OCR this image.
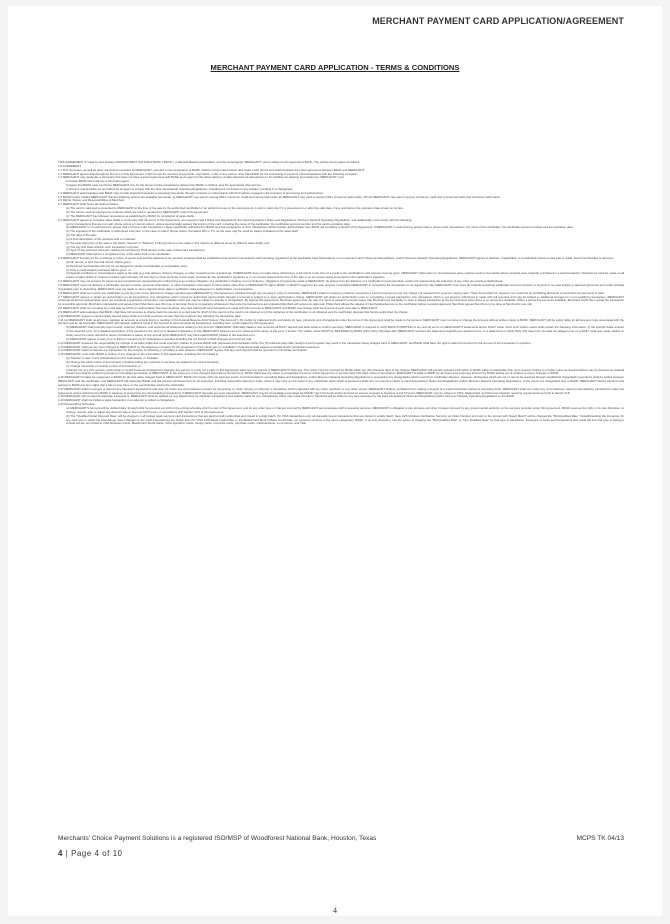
MERCHANT PAYMENT CARD APPLICATION/AGREEMENT
MERCHANT PAYMENT CARD APPLICATION - TERMS & CONDITIONS

THIS AGREEMENT is made by and between WOODFOREST NATIONAL BANK ("BANK"), a National Banking Association, and the undersigned "MERCHANT" and is subject to the approval of BANK. The parties hereto agree as follows:

1.0 AGREEMENT:

1.1 This document, as well as other documents executed by MERCHANT, pursuant to the acceptance of BANK, shall be incorporated herein and made a part hereof and shall constitute the entire agreement between BANK and MERCHANT.

1.2 MERCHANT agrees that throughout the term of this Agreement, it will not use the services of any bank, corporation, entity or any person other than BANK for the processing of payment card transactions with the following exception:

1.3 MERCHANT may designate a third party that does not have a direct agreement with BANK as its agent for the direct delivery of data captured via transactions to the facilities for clearing and settlement. MERCHANT must:

a) Advise BANK that it will use a third party agent.

b) Agree that BANK must reimburse MERCHANT only for the amount of the transactions delivered by BANK to its/their, less the appropriate discount fee.

c) Assume responsibility for any failure by its agent to comply with the Visa International Operating Regulations, including but not limited to any violation resulting in a chargeback.

1.4 MERCHANT acknowledges that BANK may provide financial transaction processing hereunder through contracts or subcontracts with third parties engaged in the business of processing and authorization.

1.5 BANK hereby notifies MERCHANT that the following options are available hereunder: (i) MERCHANT may elect to accept ONLY consumer credit and commercial cards; (ii) MERCHANT may elect to accept ONLY consumer debit cards; OR (iii) MERCHANT may elect to accept consumer credit and commercial cards and consumer debit cards.

2.0 Rights, Duties, and Responsibilities of Merchant:

2.1 MERCHANT shall honor all cards provided:

(a) The card is valid and is presented to MERCHANT at the time of the sale by the authorized cardholder or an authorized user of the card account. A card is valid only if it is presented on or after the valid date, if any, and before the expiration date shown on its face.

(b) The card is used as payment for products which are sold or rendered by MERCHANT under this Agreement.

(c) The MERCHANT has followed procedures as established by BANK for completion of sales drafts.

2.2 MERCHANT agrees to complete sales drafts in conformity with the terms of this Agreement, non payment card's Rules and Regulations, the Card Association's Rules and Regulations, Discover Network Operating Regulations, and additionally must comply with the following:

(a) For transactions that are not mail, phone orders or Internet orders, unless electronically swiped, the imprint of the card, including the name of the cardholder, the cardholder account number and the card's expiration date;

(b) MERCHANT is not authorized to accept mail or phone order transactions unless specifically authorized by BANK and that acceptance of such transactions without written authorization from BANK will constitute a breach of the Agreement. If MERCHANT is authorized to accept mail or phone order transactions, the name of the cardholder, the cardholder account number and the expiration date;

(c) The signature of the cardholder or authorized card user. In the case of mail or phone orders, the letters MO or TO, as the case may be, shall be clearly indicated on the sales draft;

(d) The date of the sale;

(e) A brief description of the products sold or rendered;

(f) The total cash price of the sale or the words "deposit" or "balance" if full payment is to be made in this manner at different times on different sales drafts; and

(g) The city and state wherein such transaction occurred;

(h) Type of fuel sold and odometer reading (if permitted by POS device) in the case of fleet card transactions;

(i) MERCHANT shall deliver a completed copy of the sales draft to the cardholder.

2.3 MERCHANT'S policy for the exchange or return of goods sold and the adjustment for services rendered shall be established and posted in accordance with operating regulations of the applicable Card Associations' or non payment card's Rules and Regulations, and/or Discover Network Operating Regulations. MERCHANT agrees to disclose, if applicable, to a cardholder before a card sale is made, that if merchandise is returned:

(a) No refund, or less than full refund, will be given;

(b) Returned merchandise will only be exchanged for similar merchandise of comparable value;

(c) Only a credit toward purchases will be given; or

(d) Special conditions or circumstances apply to the sale (e.g. late delivery, delivery charges, or other noncash terms of financing). If MERCHANT does not make these disclosures, a full refund in the form of a credit to the cardholder's card account must be given. MERCHANT shall under no circumstances issue cash for returns of products where products were originally purchased in a card transaction. Disclosures must be made on all copies of sales drafts or invoices in letters approximately 1/4 inch high in close proximity to the space provided for the cardholder's signature or on an invoice issued at the time of the sale or on an invoice being presented for the cardholder's signature.

2.4 MERCHANT may not process for payment any transaction(s) representing the refinancing of an existing obligation of a cardholder including, but not limited to, obligations (i) previously owed to MERCHANT, (ii) arising from the dishonor of a cardholder's personal check, and/or (iii) representing the collection of any other pre-existing indebtedness.

2.5 MERCHANT must not disclose a cardholder account number, personal information, or other transaction information to third parties other than to MERCHANT'S agent, BANK, or BANK'S agent for the sole purpose of assisting MERCHANT in completing the transaction or as required by law. MERCHANT must store all material containing cardholder account numbers or imprints in an area limited to selected personnel and render all data unreadable prior to discarding. MERCHANT must not retain or store magnetic stripe data or verification data subsequent to authorization of a transaction.

2.6 MERCHANT shall not require any cardholder to pay any part of any discount or charge imposed upon MERCHANT by this Agreement, whether through any increase in price or otherwise. MERCHANT shall not require a customer presenting a card for payment to pay any charge not required from a person paying cash. These items shall not, however, be construed as prohibiting discounts to customers for payments in cash.

2.7 MERCHANT agrees to obtain an authorization on all transactions. Any transaction which cannot be authorized electronically through a terminal is subject to a voice authorization charge. MERCHANT will obtain an authorization prior to completing a keyed transaction. Any transaction which is not properly authorized is made with full recourse and may be subject to additional charges for a non-qualifying transaction. MERCHANT understands that an authorization does not constitute a guarantee of payment, only available credit and may be subject to dispute or chargeback. By signing this Agreement, Merchant agrees that the use of a "store & forward" terminal means that Merchant has the ability to store a swiped transaction at the terminal level when there is no phone line available. When a phone line becomes available, Merchant would then upload the transaction for a possible approval. Merchant understands and agrees that if Merchant uses this type of terminal, there is no guaranty whatsoever that once the transactions are uploaded Merchant will receive an approval. If Merchant allows the release of merchandise/service to the cardholder before receiving approval, Merchant agrees that this is to be done at Merchant's sole risk.

2.8 MERCHANT shall not complete any card sale for which an authorization has been declined. Any card sale/credit card transaction is made with full recourse to MERCHANT, and BANK may charge back the amount of such card sale to MERCHANT.

2.9 MERCHANT acknowledges that BANK shall have full recourse to charge back the amount of a card sale for which (i) the imprint of the card is not obtained or (ii) the signature of the cardholder is not obtained and the cardholder disputes that he/she authorized the charge.

2.10 MERCHANT agrees to electronically deposit sales drafts and credit vouchers no later than the business day following the transaction date.

2.11 (a) MERCHANT shall, at all times, maintain an account at a bank that is a member of the Federal Reserve ACH System ("the Account"). All credits for collected funds and debits for fees, payments and chargebacks under the terms of this Agreement shall be made to the Account. MERCHANT may not close or change the Account without written notice to BANK. MERCHANT will be solely liable for all fees and costs associated with the Account and for all overdrafts. MERCHANT will maintain sufficient funds in the Account to accommodate all transactions, including fees, contemplated by this Agreement.

(b) MERCHANT shall promptly upon receipt, examine, balance, and reconcile all statements relating to the Account. MERCHANT shall daily balance and reconcile all DAILY deposit and debit totals to confirm accuracy. MERCHANT is required to notify BANK IN WRITING of any and all errors on MERCHANT'S statements and/or DAILY totals. Such such written notice shall contain the following information: (i) the specific dollar amount of the asserted error, (ii) a detailed description of the asserted error, and (iv) a detailed explanation of why MERCHANT believes an error exists and the cause of the error, if known. The written notice MUST be RECEIVED by BANK within thirty (30) days after MERCHANT receives the statement (regarding an asserted error on a statement) or within thirty (30) days from the date the alleged error on a DAILY total was made. Failure to timely send the notice referred to herein constitutes a waiver of any and all rights MERCHANT may have against BANK related to the asserted error.

(c) MERCHANT agrees to fees of up to $10 per occurrence for maintenance activities including but not limited to DDA changes and returned mail.

2.12 MERCHANT assumes the responsibility for storage of all sales drafts and credit vouchers. Failure to provide BANK with requested documentation within five (5) business days after receipt of such request may result in the transaction being charged back to MERCHANT, and BANK shall have the right to debit the Account for full amount of the transaction in question.

2.13 MERCHANT shall pay any fees charged to MERCHANT by the telephone company for the preparation of the site(s) prior to installation of electronic data capture terminals and/or peripheral equipment.

2.14 MERCHANT shall not deposit any transaction for the purpose of obtaining or providing a cash advance. MERCHANT agrees that any such deposit shall be grounds for immediate termination.

2.15 MERCHANT must notify BANK in writing of any changes to the information in this Application, including but not limited to:

(a) Transfer or sale of any substantial part of its total assets, or liquidate;

(b) Change the basic nature of its business, including selling any products or services not related to its current business;

(c) Change ownership or transfer control of its business; or

(d) Enter into any joint venture, partnership or similar business arrangement whereby any person or entity not a party to this Agreement assumes any interest in MERCHANT'S business. The notice must be received by BANK within ten (10) business days of the change. MERCHANT will provide updated information to BANK within a reasonable time upon request. Failure to provide notice as required above may be deemed as material breach and shall be sufficient grounds for immediate termination of MERCHANT. In the event any of the changes listed above should occur, BANK shall have the option to renegotiate the terms of this Agreement or provide thirty (30) days notice of termination. MERCHANT is liable to BANK for all losses and expenses incurred by BANK arising out of a failure to report changes to BANK.

2.16 MERCHANT is liable for repayment to BANK for all card sales charged back to MERCHANT. BANK will comply with non payment card's, Card Associations' prevailing Rules and Regulations, and/or Discover Network Operating Regulations in processing any chargebacks which result from cardholder disputes. However, all disputes which are not or cannot be resolved through established chargeback procedures shall be settled between MERCHANT and the cardholder, and MERCHANT will indemnify BANK and will provide reimbursement for all expenses, including reasonable attorney's costs, which it may incur as the result of any cardholder claim which is pursued outside the non payment card's or Card Associations' Rules and Regulations and/or Discover Network Operating Regulations. In the event of a chargeback loss to BANK, MERCHANT hereby transfers and assigns to BANK any item rights that it has or may have on the merchandise sold to the cardholder.

2.17 MERCHANT shall not accept or deposit any fraudulent transactions and may not under any circumstances present for processing or credit, directly or indirectly, a transaction which originated with any other merchant or any other source. MERCHANT shall be prohibited from making a deposit of a credit transaction without a preceding debit. MERCHANT shall not, under any circumstances, deposit telemarketing transactions under this Agreement unless authorized by BANK in advance of processing any telemarketing transactions. If MERCHANT deposits any such transaction, MERCHANT may be immediately terminated and BANK may hold funds and/or demand an escrow pursuant to Sections 4 and 5 hereof. MERCHANT may be subject to VISA, MasterCard, and Discover Network reporting requirements set forth in Section 8.8.

2.18 MERCHANT will not deposit duplicate transactions. MERCHANT shall be debited for any adjustments for duplicate transactions and shall be liable for any chargebacks which may result therefrom. Merchant will be liable for any fees assessed by the Card Associations' Rules and Regulations and/or Discover Network Operating Regulations to the BANK.

2.19 MERCHANT shall not initiate a sales transaction in an attempt to collect a chargeback.

2.20 Discount/Fee Schedule:

(a) MERCHANT'S Account will be debited daily, through ACH for amounts set forth in the pricing schedule which is part of this Agreement, and for any other fees or charges incurred by MERCHANT and associated with processing services. MERCHANT is obligated to pay all taxes and other charges imposed by any governmental authority on the services provided under this Agreement. BANK reserves the right, in its sole discretion, to change, amend, add, or adjust any discount rate or fees set forth herein, in accordance with Section 10.6 of this Agreement.

(b) The "Qualified Retail Discount Rate" will be charged on all swiped retail payment card transactions that are electronically authorized and closed in a daily batch. On VISA transactions only, all manually keyed transactions that are closed in a daily batch, have AVS (Address Verification Service), an Order Number and reply to the prompt with "Exact Match" will be charged the "Mid-Qualified Rate." Notwithstanding the foregoing, for any card type in which the interchange rates (charged by the Card Associations) are higher than the VISA CPS Retail Credit Rate, or the MasterCard Merit III Base Credit Rate, (or renamed versions of the same categories), BANK, in its sole discretion, has the option of charging the "Mid-Qualified Rate" or "Non-Qualified Rate" for that type of transaction. Examples of cards and transactions that would fall into that type of category include but are not limited to VISA Rewards Cards, MasterCard World Cards, VISA Signature Cards, foreign cards, corporate cards, purchase cards, mail/telephone, e-commerce, and T&E.

Merchants' Choice Payment Solutions is a registered ISO/MSP of Woodforest National Bank, Houston, Texas	MCPS TK 04/13
4 | Page 4 of 10
4
